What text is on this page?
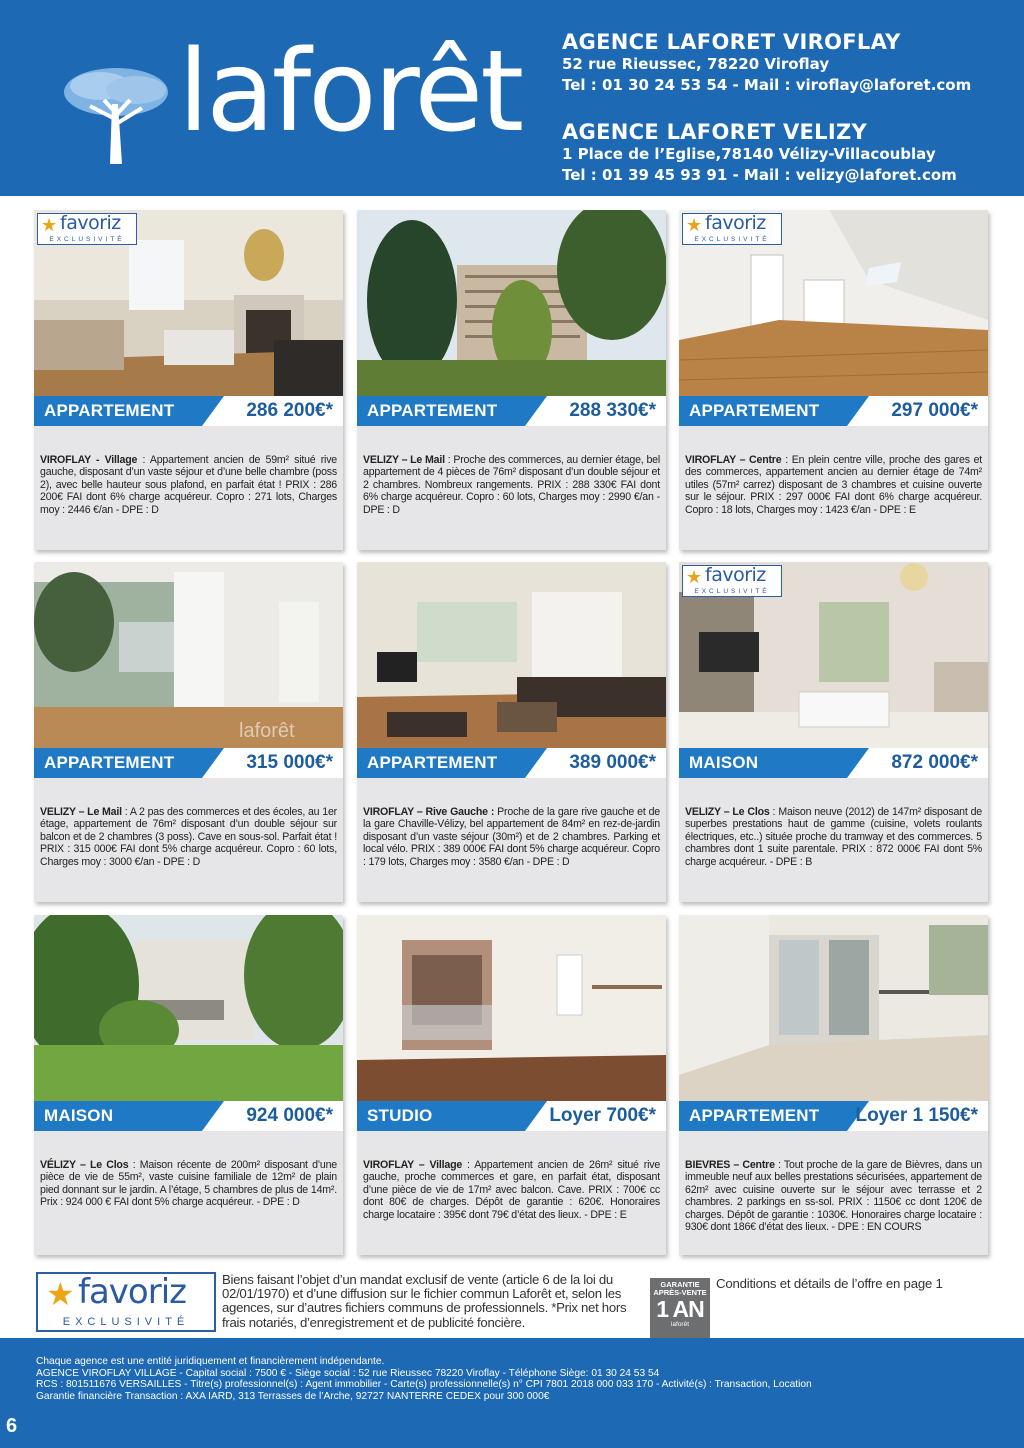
laforêt AGENCE LAFORET VIROFLAY
52 rue Rieussec, 78220 Viroflay
Tel : 01 30 24 53 54 - Mail : viroflay@laforet.com
AGENCE LAFORET VELIZY
1 Place de l’Eglise,78140 Vélizy-Villacoublay
Tel : 01 39 45 93 91 - Mail : velizy@laforet.com
★ favoriz
EXCLUSIVITÉ
APPARTEMENT	286 200€*
VIROFLAY - Village : Appartement ancien de 59m² situé rive gauche, disposant d’un vaste séjour et d’une belle chambre (poss 2), avec belle hauteur sous plafond, en parfait état ! PRIX : 286 200€ FAI dont 6% charge acquéreur. Copro : 271 lots, Charges moy : 2446 €/an - DPE : D
APPARTEMENT	288 330€*
VELIZY – Le Mail : Proche des commerces, au dernier étage, bel appartement de 4 pièces de 76m² disposant d’un double séjour et 2 chambres. Nombreux rangements. PRIX : 288 330€ FAI dont 6% charge acquéreur. Copro : 60 lots, Charges moy : 2990 €/an - DPE : D
★ favoriz
EXCLUSIVITÉ
APPARTEMENT	297 000€*
VIROFLAY – Centre : En plein centre ville, proche des gares et des commerces, appartement ancien au dernier étage de 74m² utiles (57m² carrez) disposant de 3 chambres et cuisine ouverte sur le séjour. PRIX : 297 000€ FAI dont 6% charge acquéreur. Copro : 18 lots, Charges moy : 1423 €/an - DPE : E
laforêt
APPARTEMENT	315 000€*
VELIZY – Le Mail : A 2 pas des commerces et des écoles, au 1er étage, appartement de 76m² disposant d’un double séjour sur balcon et de 2 chambres (3 poss). Cave en sous-sol. Parfait état ! PRIX : 315 000€ FAI dont 5% charge acquéreur. Copro : 60 lots, Charges moy : 3000 €/an - DPE : D
APPARTEMENT	389 000€*
VIROFLAY – Rive Gauche : Proche de la gare rive gauche et de la gare Chaville-Vélizy, bel appartement de 84m² en rez-de-jardin disposant d’un vaste séjour (30m²) et de 2 chambres. Parking et local vélo. PRIX : 389 000€ FAI dont 5% charge acquéreur. Copro : 179 lots, Charges moy : 3580 €/an - DPE : D
★ favoriz
EXCLUSIVITÉ
MAISON	872 000€*
VELIZY – Le Clos : Maison neuve (2012) de 147m² disposant de superbes prestations haut de gamme (cuisine, volets roulants électriques, etc..) située proche du tramway et des commerces. 5 chambres dont 1 suite parentale. PRIX : 872 000€ FAI dont 5% charge acquéreur. - DPE : B
MAISON	924 000€*
VÉLIZY – Le Clos : Maison récente de 200m² disposant d’une pièce de vie de 55m², vaste cuisine familiale de 12m² de plain pied donnant sur le jardin. A l’étage, 5 chambres de plus de 14m². Prix : 924 000 € FAI dont 5% charge acquéreur. - DPE : D
STUDIO	Loyer 700€*
VIROFLAY – Village : Appartement ancien de 26m² situé rive gauche, proche commerces et gare, en parfait état, disposant d’une pièce de vie de 17m² avec balcon. Cave. PRIX : 700€ cc dont 80€ de charges. Dépôt de garantie : 620€. Honoraires charge locataire : 395€ dont 79€ d’état des lieux. - DPE : E
APPARTEMENT	Loyer 1 150€*
BIEVRES – Centre : Tout proche de la gare de Bièvres, dans un immeuble neuf aux belles prestations sécurisées, appartement de 62m² avec cuisine ouverte sur le séjour avec terrasse et 2 chambres. 2 parkings en ss-sol. PRIX : 1150€ cc dont 120€ de charges. Dépôt de garantie : 1030€. Honoraires charge locataire : 930€ dont 186€ d’état des lieux. - DPE : EN COURS
★ favoriz
EXCLUSIVITÉ
Biens faisant l’objet d’un mandat exclusif de vente (article 6 de la loi du 02/01/1970) et d’une diffusion sur le fichier commun Laforêt et, selon les agences, sur d’autres fichiers communs de professionnels. *Prix net hors frais notariés, d’enregistrement et de publicité foncière.
GARANTIE APRÈS-VENTE
1 AN
laforêt
Conditions et détails de l’offre en page 1
Chaque agence est une entité juridiquement et financièrement indépendante.
AGENCE VIROFLAY VILLAGE - Capital social : 7500 € - Siège social : 52 rue Rieussec 78220 Viroflay - Téléphone Siège: 01 30 24 53 54
RCS : 801511676 VERSAILLES - Titre(s) professionnel(s) : Agent immobilier - Carte(s) professionnelle(s) n° CPI 7801 2018 000 033 170 - Activité(s) : Transaction, Location
Garantie financière Transaction : AXA IARD, 313 Terrasses de l’Arche, 92727 NANTERRE CEDEX pour 300 000€
6
